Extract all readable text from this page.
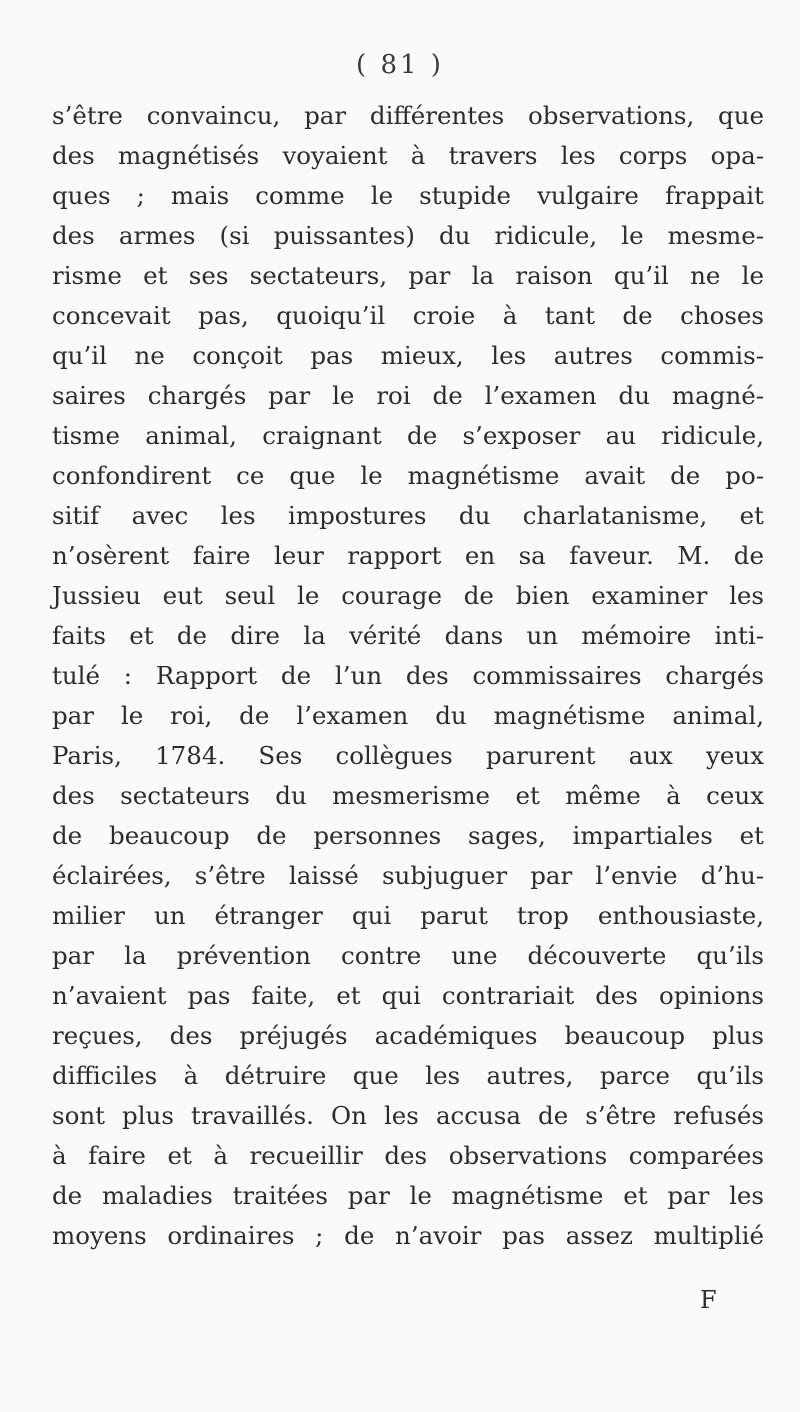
( 81 )
s’être convaincu, par différentes observations, que
des magnétisés voyaient à travers les corps opa-
ques ; mais comme le stupide vulgaire frappait
des armes (si puissantes) du ridicule, le mesme-
risme et ses sectateurs, par la raison qu’il ne le
concevait pas, quoiqu’il croie à tant de choses
qu’il ne conçoit pas mieux, les autres commis-
saires chargés par le roi de l’examen du magné-
tisme animal, craignant de s’exposer au ridicule,
confondirent ce que le magnétisme avait de po-
sitif avec les impostures du charlatanisme, et
n’osèrent faire leur rapport en sa faveur. M. de
Jussieu eut seul le courage de bien examiner les
faits et de dire la vérité dans un mémoire inti-
tulé : Rapport de l’un des commissaires chargés
par le roi, de l’examen du magnétisme animal,
Paris, 1784. Ses collègues parurent aux yeux
des sectateurs du mesmerisme et même à ceux
de beaucoup de personnes sages, impartiales et
éclairées, s’être laissé subjuguer par l’envie d’hu-
milier un étranger qui parut trop enthousiaste,
par la prévention contre une découverte qu’ils
n’avaient pas faite, et qui contrariait des opinions
reçues, des préjugés académiques beaucoup plus
difficiles à détruire que les autres, parce qu’ils
sont plus travaillés. On les accusa de s’être refusés
à faire et à recueillir des observations comparées
de maladies traitées par le magnétisme et par les
moyens ordinaires ; de n’avoir pas assez multiplié
F
